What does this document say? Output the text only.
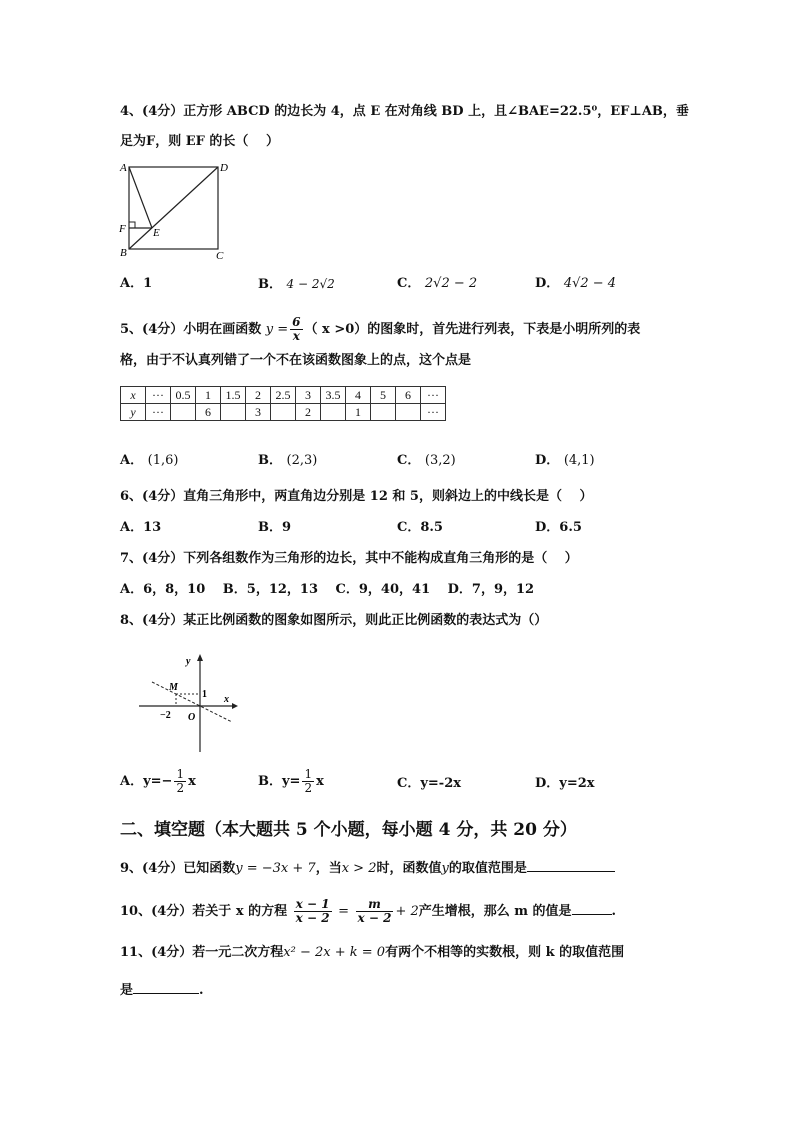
4、(4分）正方形 ABCD 的边长为 4，点 E 在对角线 BD 上，且∠BAE=22.5⁰，EF⊥AB，垂
足为F，则 EF 的长（　 ）
A	D
F E
B	C
A．1	B． 4 − 2√2	C． 2√2 − 2	D． 4√2 − 4
5、(4分）小明在画函数 $y = \frac{6}{x}$ （ x >0）的图象时，首先进行列表，下表是小明所列的表
格，由于不认真列错了一个不在该函数图象上的点，这个点是
x	···	0.5	1	1.5	2	2.5	3	3.5	4	5	6	···
y	···		6		3		2		1			···
A． (1,6)	B． (2,3)	C． (3,2)	D． (4,1)
6、(4分）直角三角形中，两直角边分别是 12 和 5，则斜边上的中线长是（　 ）
A．13	B．9	C．8.5	D．6.5
7、(4分）下列各组数作为三角形的边长，其中不能构成直角三角形的是（　 ）
A．6，8，10　 B．5，12，13　 C．9，40，41　 D．7，9，12
8、(4分）某正比例函数的图象如图所示，则此正比例函数的表达式为（）
y
x
M
1
−2 O
A．$y=- \frac{1}{2}$ x	B．$y= \frac{1}{2}$ x	C．y=-2x	D．y=2x
二、填空题（本大题共 5 个小题，每小题 4 分，共 20 分）
9、(4分）已知函数y = −3x + 7，当x > 2时，函数值y的取值范围是
10、(4分）若关于 x 的方程 $\frac{x - 1}{x - 2} = \frac{m}{x - 2} + 2$产生增根，那么 m 的值是	.
11、(4分）若一元二次方程x² − 2x + k = 0有两个不相等的实数根，则 k 的取值范围
是	.
